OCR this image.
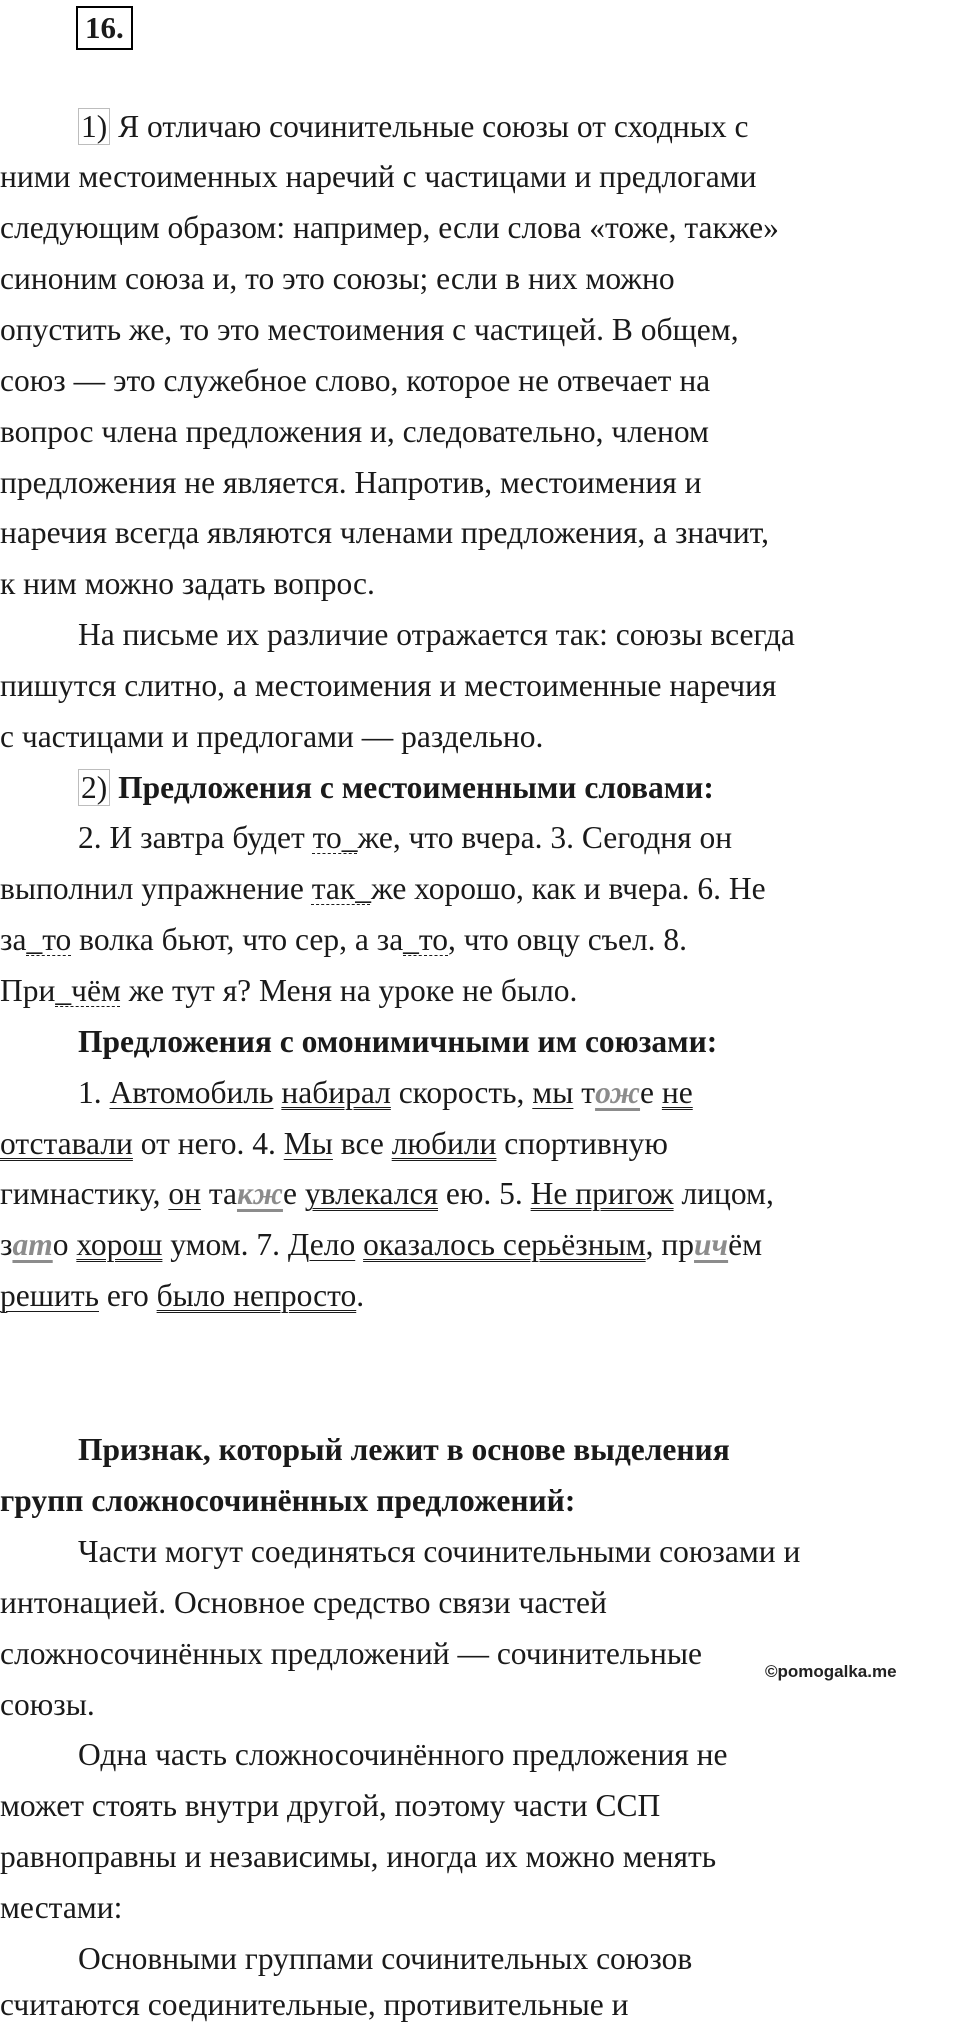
16.
1) Я отличаю сочинительные союзы от сходных с
ними местоименных наречий с частицами и предлогами
следующим образом: например, если слова «тоже, также»
синоним союза и, то это союзы; если в них можно
опустить же, то это местоимения с частицей. В общем,
союз — это служебное слово, которое не отвечает на
вопрос члена предложения и, следовательно, членом
предложения не является. Напротив, местоимения и
наречия всегда являются членами предложения, а значит,
к ним можно задать вопрос.
На письме их различие отражается так: союзы всегда
пишутся слитно, а местоимения и местоименные наречия
с частицами и предлогами — раздельно.
2) Предложения с местоименными словами:
2. И завтра будет то_же, что вчера. 3. Сегодня он
выполнил упражнение так_же хорошо, как и вчера. 6. Не
за_то волка бьют, что сер, а за_то, что овцу съел. 8.
При_чём же тут я? Меня на уроке не было.
Предложения с омонимичными им союзами:
1. Автомобиль набирал скорость, мы тоже не
отставали от него. 4. Мы все любили спортивную
гимнастику, он также увлекался ею. 5. Не пригож лицом,
зато хорош умом. 7. Дело оказалось серьёзным, причём
решить его было непросто.
Признак, который лежит в основе выделения
групп сложносочинённых предложений:
Части могут соединяться сочинительными союзами и
интонацией. Основное средство связи частей
сложносочинённых предложений — сочинительные
союзы.
Одна часть сложносочинённого предложения не
может стоять внутри другой, поэтому части ССП
равноправны и независимы, иногда их можно менять
местами:
Основными группами сочинительных союзов
считаются соединительные, противительные и
©pomogalka.me
